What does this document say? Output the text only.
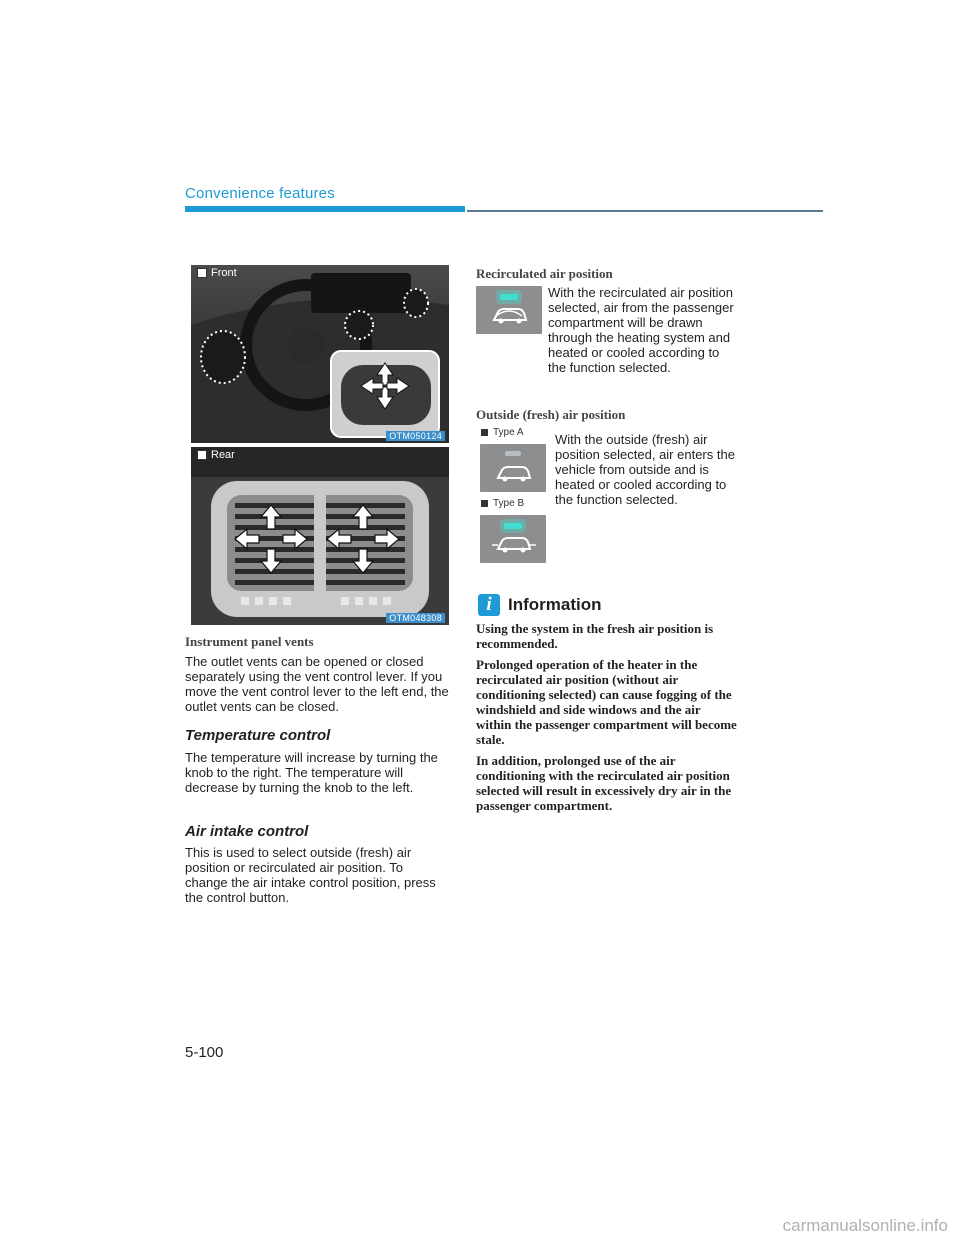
Convenience features
Front
OTM050124
Rear
OTM048308
Instrument panel vents
The outlet vents can be opened or closed separately using the vent control lever. If you move the vent control lever to the left end, the outlet vents can be closed.
Temperature control
The temperature will increase by turning the knob to the right. The temperature will decrease by turning the knob to the left.
Air intake control
This is used to select outside (fresh) air position or recirculated air position. To change the air intake control position, press the control button.
Recirculated air position
With the recirculated air position selected, air from the passenger compartment will be drawn through the heating system and heated or cooled according to the function selected.
Outside (fresh) air position
Type A
Type B
With the outside (fresh) air position selected, air enters the vehicle from outside and is heated or cooled according to the function selected.
i Information

Using the system in the fresh air position is recommended.

Prolonged operation of the heater in the recirculated air position (without air conditioning selected) can cause fogging of the windshield and side windows and the air within the passenger compartment will become stale.

In addition, prolonged use of the air conditioning with the recirculated air position selected will result in excessively dry air in the passenger compartment.

5-100
carmanualsonline.info
